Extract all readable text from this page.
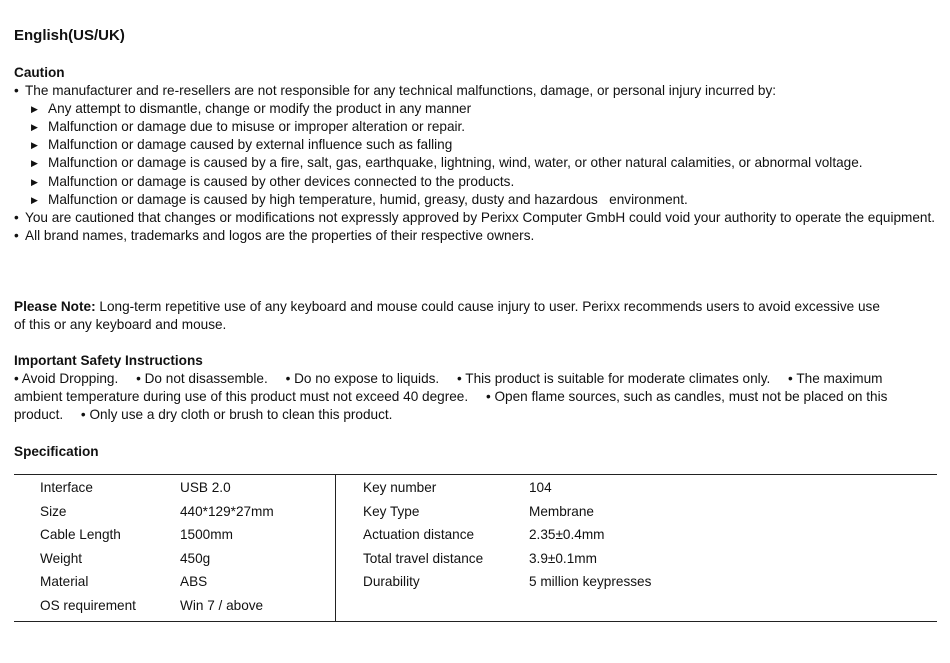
English(US/UK)
Caution
• The manufacturer and re-resellers are not responsible for any technical malfunctions, damage, or personal injury incurred by:
▶ Any attempt to dismantle, change or modify the product in any manner
▶ Malfunction or damage due to misuse or improper alteration or repair.
▶ Malfunction or damage caused by external influence such as falling
▶ Malfunction or damage is caused by a fire, salt, gas, earthquake, lightning, wind, water, or other natural calamities, or abnormal voltage.
▶ Malfunction or damage is caused by other devices connected to the products.
▶ Malfunction or damage is caused by high temperature, humid, greasy, dusty and hazardous   environment.
• You are cautioned that changes or modifications not expressly approved by Perixx Computer GmbH could void your authority to operate the equipment.
• All brand names, trademarks and logos are the properties of their respective owners.
Please Note: Long-term repetitive use of any keyboard and mouse could cause injury to user. Perixx recommends users to avoid excessive use of this or any keyboard and mouse.
Important Safety Instructions
• Avoid Dropping. • Do not disassemble. • Do no expose to liquids. • This product is suitable for moderate climates only. • The maximum ambient temperature during use of this product must not exceed 40 degree. • Open flame sources, such as candles, must not be placed on this product. • Only use a dry cloth or brush to clean this product.
Specification
Interface	USB 2.0
Size	440*129*27mm
Cable Length	1500mm
Weight	450g
Material	ABS
OS requirement	Win 7 / above
Key number	104
Key Type	Membrane
Actuation distance	2.35±0.4mm
Total travel distance	3.9±0.1mm
Durability	5 million keypresses
